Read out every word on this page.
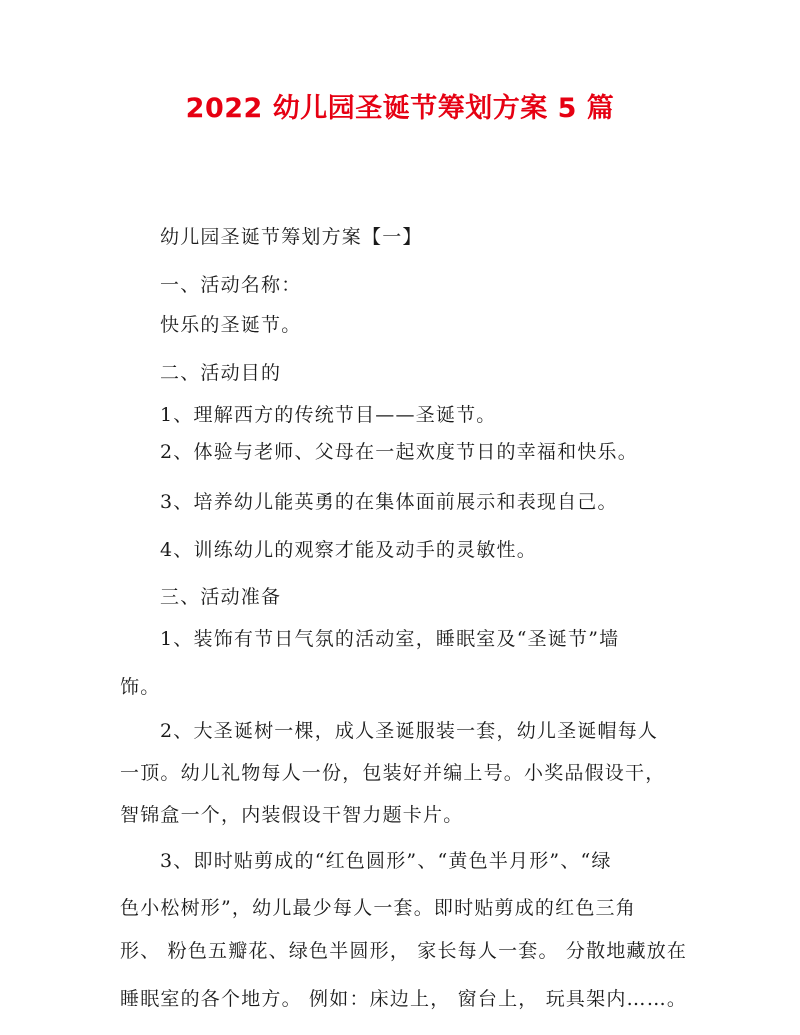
2022 幼儿园圣诞节筹划方案 5 篇
幼儿园圣诞节筹划方案【一】
一、活动名称：
快乐的圣诞节。
二、活动目的
1、理解西方的传统节目——圣诞节。
2、体验与老师、父母在一起欢度节日的幸福和快乐。
3、培养幼儿能英勇的在集体面前展示和表现自己。
4、训练幼儿的观察才能及动手的灵敏性。
三、活动准备
1、装饰有节日气氛的活动室，睡眠室及“圣诞节”墙
饰。
2、大圣诞树一棵，成人圣诞服装一套，幼儿圣诞帽每人
一顶。幼儿礼物每人一份，包装好并编上号。小奖品假设干，
智锦盒一个，内装假设干智力题卡片。
3、即时贴剪成的“红色圆形”、“黄色半月形”、“绿
色小松树形”，幼儿最少每人一套。即时贴剪成的红色三角
形、 粉色五瓣花、绿色半圆形， 家长每人一套。 分散地藏放在
睡眠室的各个地方。 例如：床边上， 窗台上， 玩具架内……。
